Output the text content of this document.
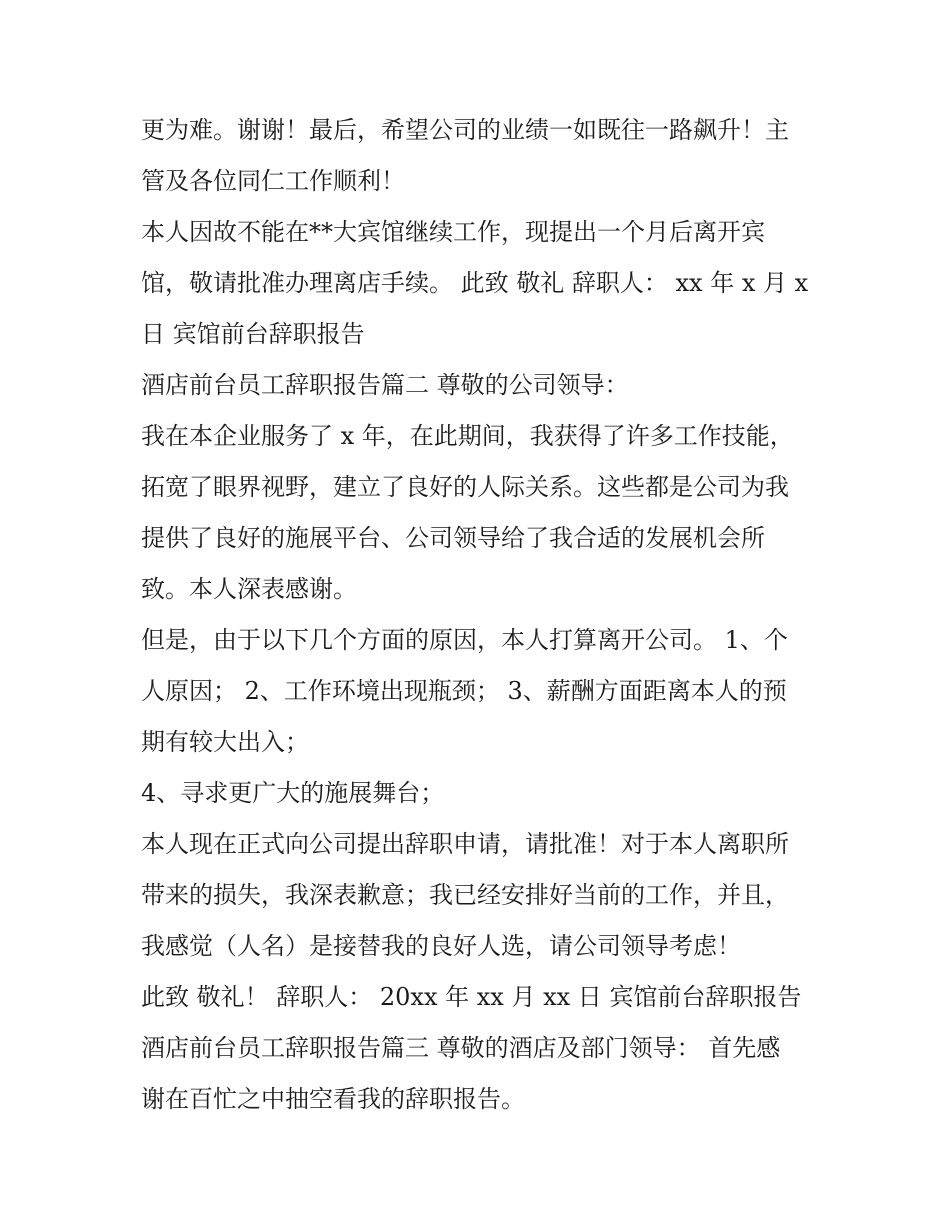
更为难。谢谢！最后，希望公司的业绩一如既往一路飙升！主

管及各位同仁工作顺利！

本人因故不能在**大宾馆继续工作，现提出一个月后离开宾

馆，敬请批准办理离店手续。 此致 敬礼 辞职人： xx 年 x 月 x

日 宾馆前台辞职报告

酒店前台员工辞职报告篇二 尊敬的公司领导：

我在本企业服务了 x 年，在此期间，我获得了许多工作技能，

拓宽了眼界视野，建立了良好的人际关系。这些都是公司为我

提供了良好的施展平台、公司领导给了我合适的发展机会所

致。本人深表感谢。

但是，由于以下几个方面的原因，本人打算离开公司。 1、个

人原因； 2、工作环境出现瓶颈； 3、薪酬方面距离本人的预

期有较大出入；

4、寻求更广大的施展舞台；

本人现在正式向公司提出辞职申请，请批准！对于本人离职所

带来的损失，我深表歉意；我已经安排好当前的工作，并且，

我感觉（人名）是接替我的良好人选，请公司领导考虑！

此致 敬礼！ 辞职人： 20xx 年 xx 月 xx 日 宾馆前台辞职报告

酒店前台员工辞职报告篇三 尊敬的酒店及部门领导： 首先感

谢在百忙之中抽空看我的辞职报告。
